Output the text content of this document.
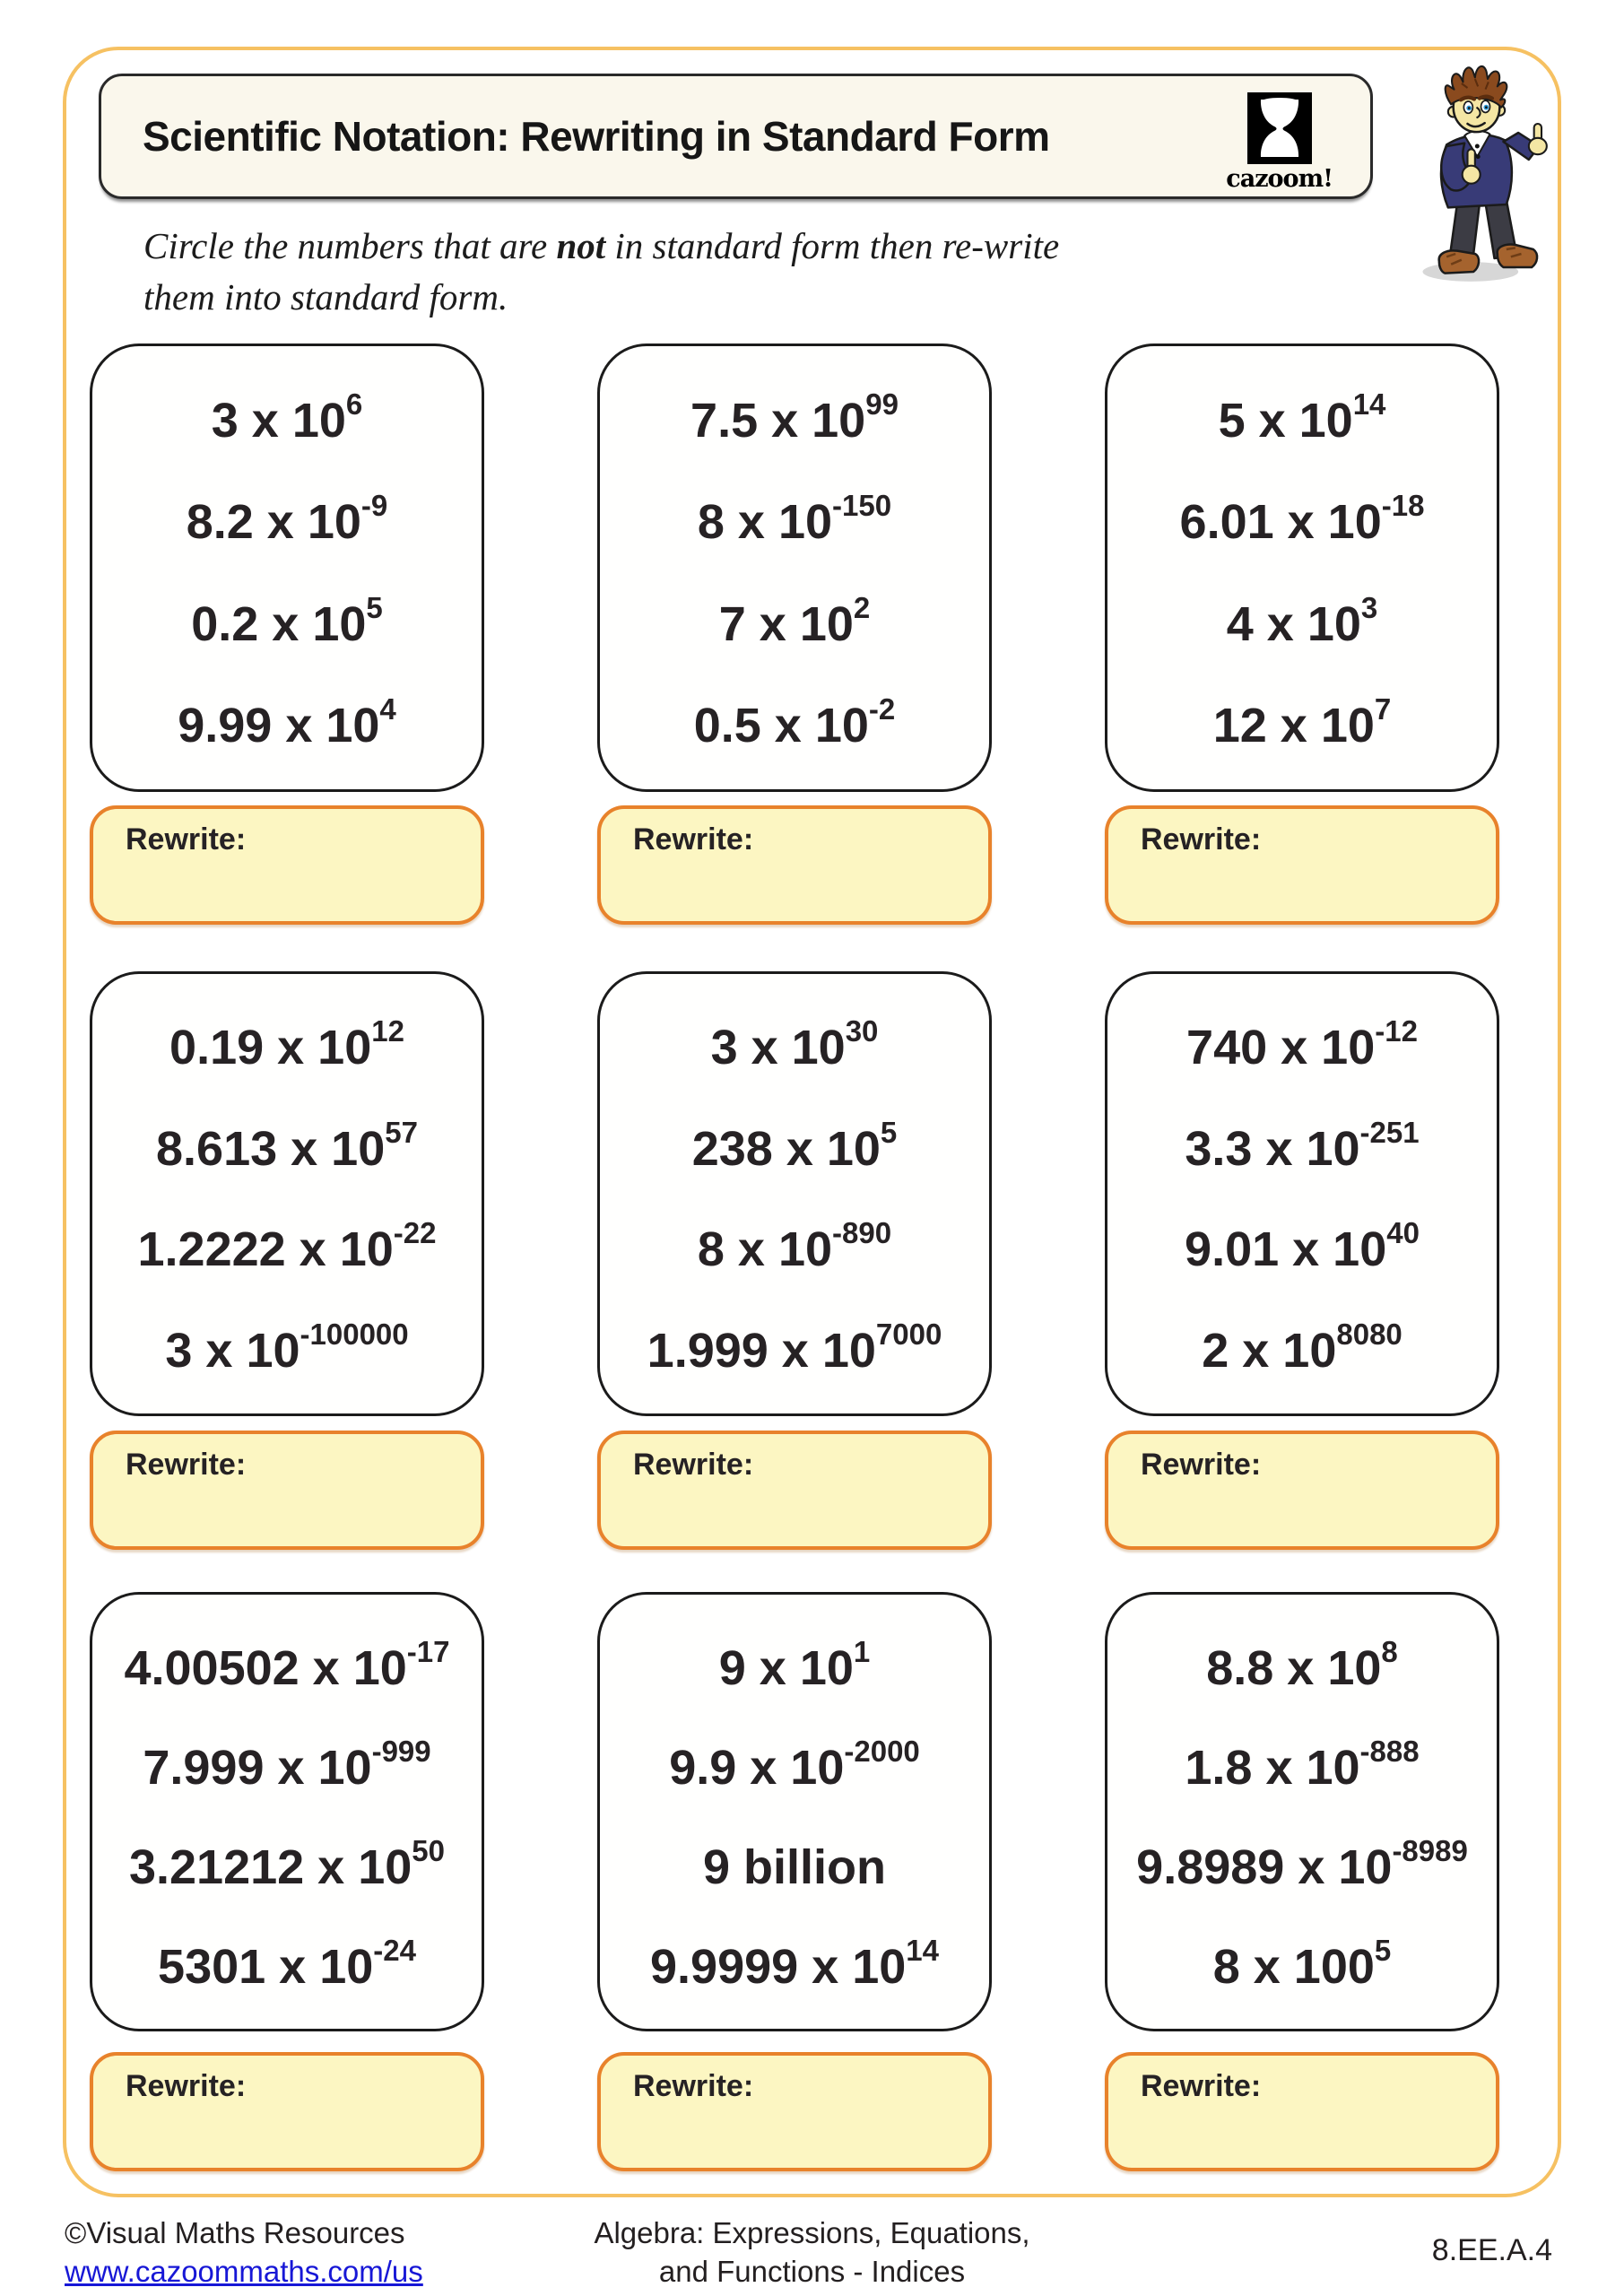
Scientific Notation: Rewriting in Standard Form
cazoom!

Circle the numbers that are not in standard form then re-write
them into standard form.

3 x $10^6$
8.2 x $10^{-9}$
0.2 x $10^5$
9.99 x $10^4$
7.5 x $10^{99}$
8 x $10^{-150}$
7 x $10^2$
0.5 x $10^{-2}$
5 x $10^{14}$
6.01 x $10^{-18}$
4 x $10^3$
12 x $10^7$
Rewrite:	Rewrite:	Rewrite:
0.19 x $10^{12}$
8.613 x $10^{57}$
1.2222 x $10^{-22}$
3 x $10^{-100000}$
3 x $10^{30}$
238 x $10^5$
8 x $10^{-890}$
1.999 x $10^{7000}$
740 x $10^{-12}$
3.3 x $10^{-251}$
9.01 x $10^{40}$
2 x $10^{8080}$
Rewrite:	Rewrite:	Rewrite:
4.00502 x $10^{-17}$
7.999 x $10^{-999}$
3.21212 x $10^{50}$
5301 x $10^{-24}$
9 x $10^1$
9.9 x $10^{-2000}$
9 billion
9.9999 x $10^{14}$
8.8 x $10^8$
1.8 x $10^{-888}$
9.8989 x $10^{-8989}$
8 x $100^5$
Rewrite:	Rewrite:	Rewrite:
©Visual Maths Resources
www.cazoommaths.com/us
Algebra: Expressions, Equations,
and Functions - Indices
8.EE.A.4
